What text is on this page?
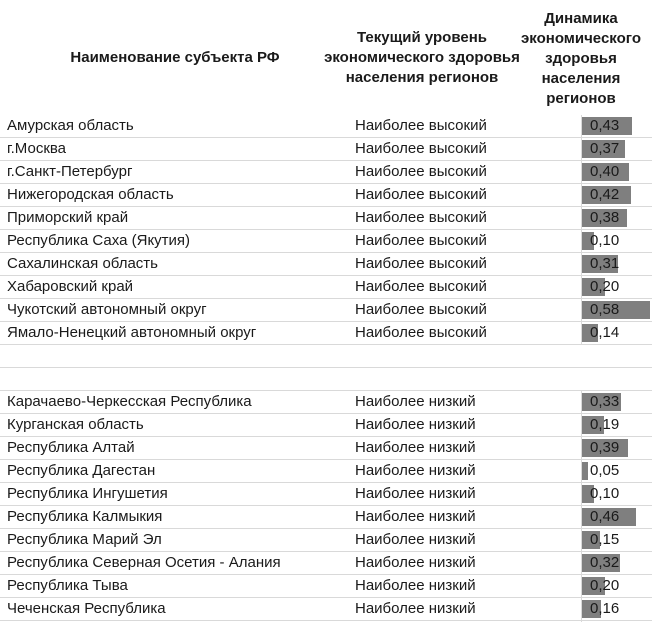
Наименование субъекта РФ
Текущий уровень экономического здоровья населения регионов
Динамика экономического здоровья населения регионов
Амурская область	Наиболее высокий	0,43
г.Москва	Наиболее высокий	0,37
г.Санкт-Петербург	Наиболее высокий	0,40
Нижегородская область	Наиболее высокий	0,42
Приморский край	Наиболее высокий	0,38
Республика Саха (Якутия)	Наиболее высокий	0,10
Сахалинская область	Наиболее высокий	0,31
Хабаровский край	Наиболее высокий	0,20
Чукотский автономный округ	Наиболее высокий	0,58
Ямало-Ненецкий автономный округ	Наиболее высокий	0,14
Карачаево-Черкесская Республика	Наиболее низкий	0,33
Курганская область	Наиболее низкий	0,19
Республика Алтай	Наиболее низкий	0,39
Республика Дагестан	Наиболее низкий	0,05
Республика Ингушетия	Наиболее низкий	0,10
Республика Калмыкия	Наиболее низкий	0,46
Республика Марий Эл	Наиболее низкий	0,15
Республика Северная Осетия - Алания	Наиболее низкий	0,32
Республика Тыва	Наиболее низкий	0,20
Чеченская Республика	Наиболее низкий	0,16
